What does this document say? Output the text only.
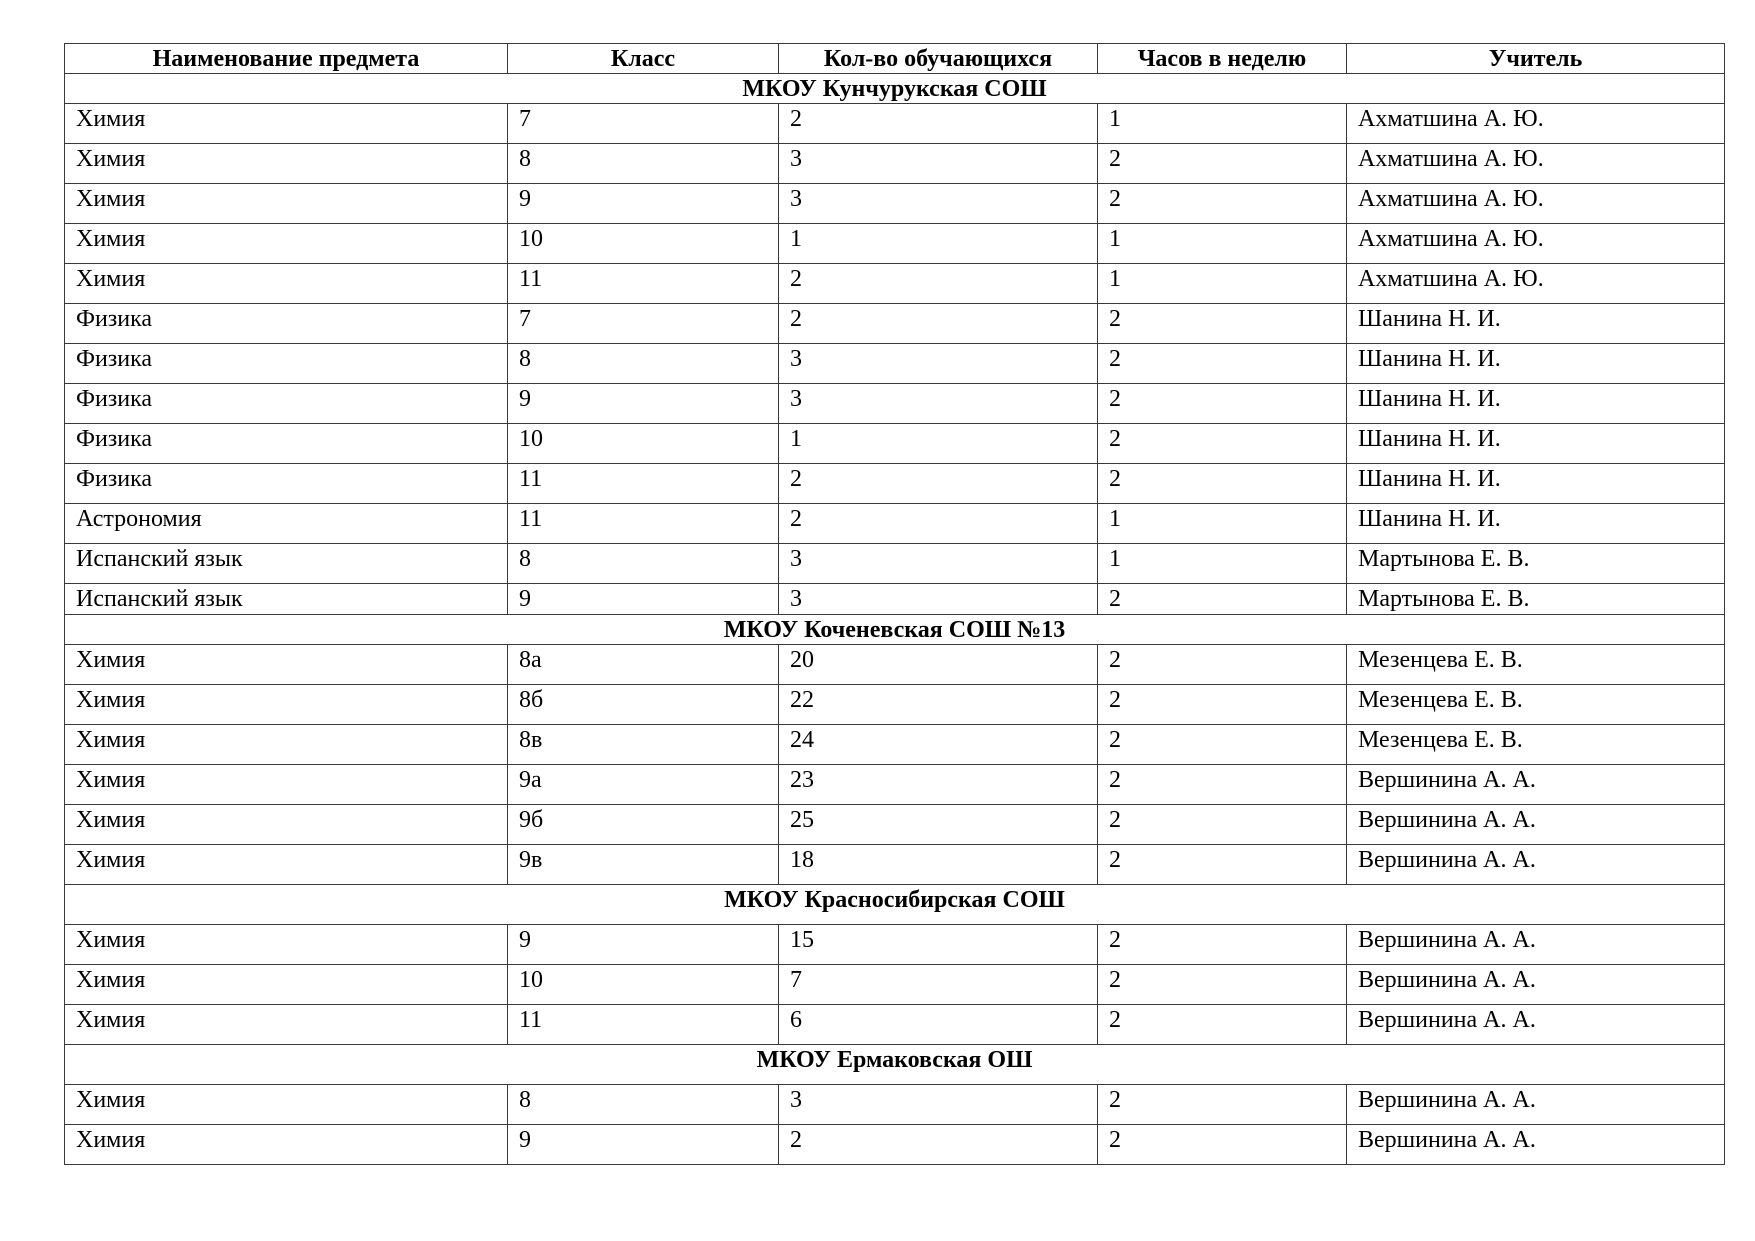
Наименование предмета	Класс	Кол-во обучающихся	Часов в неделю	Учитель
МКОУ Кунчурукская СОШ				
Химия	7	2	1	Ахматшина А. Ю.
Химия	8	3	2	Ахматшина А. Ю.
Химия	9	3	2	Ахматшина А. Ю.
Химия	10	1	1	Ахматшина А. Ю.
Химия	11	2	1	Ахматшина А. Ю.
Физика	7	2	2	Шанина Н. И.
Физика	8	3	2	Шанина Н. И.
Физика	9	3	2	Шанина Н. И.
Физика	10	1	2	Шанина Н. И.
Физика	11	2	2	Шанина Н. И.
Астрономия	11	2	1	Шанина Н. И.
Испанский язык	8	3	1	Мартынова Е. В.
Испанский язык	9	3	2	Мартынова Е. В.
МКОУ Коченевская СОШ №13				
Химия	8а	20	2	Мезенцева Е. В.
Химия	8б	22	2	Мезенцева Е. В.
Химия	8в	24	2	Мезенцева Е. В.
Химия	9а	23	2	Вершинина А. А.
Химия	9б	25	2	Вершинина А. А.
Химия	9в	18	2	Вершинина А. А.
МКОУ Красносибирская СОШ				
Химия	9	15	2	Вершинина А. А.
Химия	10	7	2	Вершинина А. А.
Химия	11	6	2	Вершинина А. А.
МКОУ Ермаковская ОШ				
Химия	8	3	2	Вершинина А. А.
Химия	9	2	2	Вершинина А. А.
